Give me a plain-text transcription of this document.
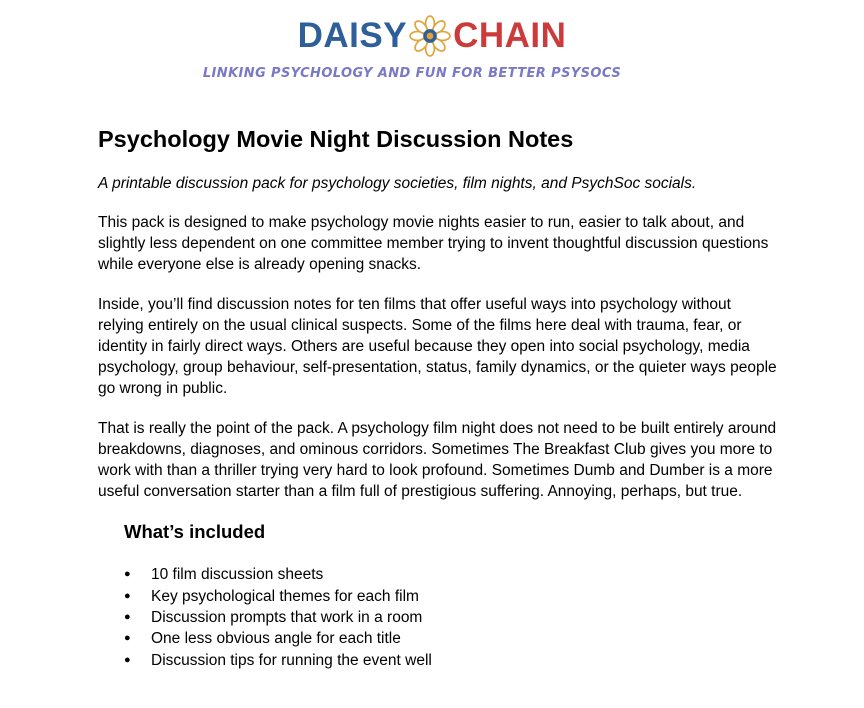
DAISY CHAIN
LINKING PSYCHOLOGY AND FUN FOR BETTER PSYSOCS
Psychology Movie Night Discussion Notes

A printable discussion pack for psychology societies, film nights, and PsychSoc socials.

This pack is designed to make psychology movie nights easier to run, easier to talk about, and slightly less dependent on one committee member trying to invent thoughtful discussion questions while everyone else is already opening snacks.

Inside, you’ll find discussion notes for ten films that offer useful ways into psychology without relying entirely on the usual clinical suspects. Some of the films here deal with trauma, fear, or identity in fairly direct ways. Others are useful because they open into social psychology, media psychology, group behaviour, self-presentation, status, family dynamics, or the quieter ways people go wrong in public.

That is really the point of the pack. A psychology film night does not need to be built entirely around breakdowns, diagnoses, and ominous corridors. Sometimes The Breakfast Club gives you more to work with than a thriller trying very hard to look profound. Sometimes Dumb and Dumber is a more useful conversation starter than a film full of prestigious suffering. Annoying, perhaps, but true.

What’s included
● 10 film discussion sheets
● Key psychological themes for each film
● Discussion prompts that work in a room
● One less obvious angle for each title
● Discussion tips for running the event well
